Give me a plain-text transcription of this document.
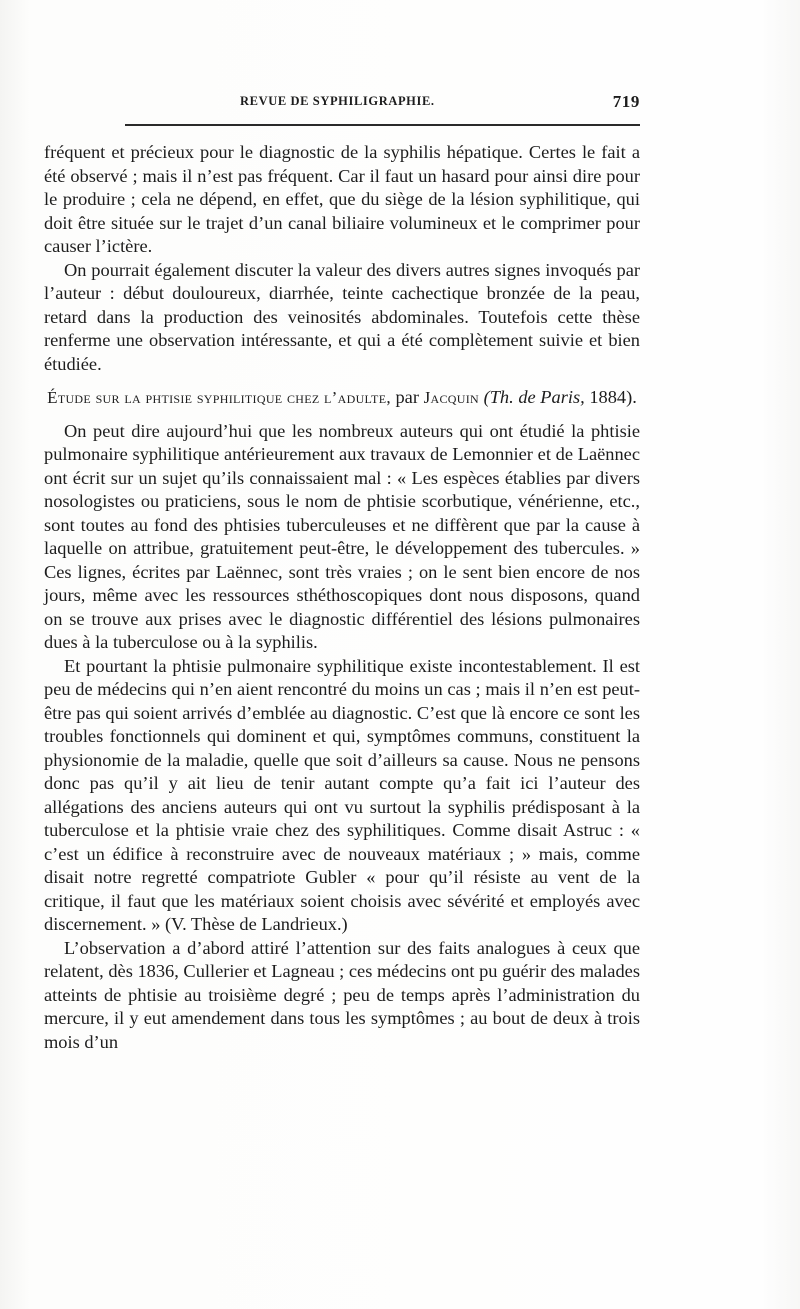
REVUE DE SYPHILIGRAPHIE.	719

fréquent et précieux pour le diagnostic de la syphilis hépatique. Certes le fait a été observé ; mais il n’est pas fréquent. Car il faut un hasard pour ainsi dire pour le produire ; cela ne dépend, en effet, que du siège de la lésion syphilitique, qui doit être située sur le trajet d’un canal biliaire volumineux et le comprimer pour causer l’ictère.

On pourrait également discuter la valeur des divers autres signes invoqués par l’auteur : début douloureux, diarrhée, teinte cachectique bronzée de la peau, retard dans la production des veinosités abdominales. Toutefois cette thèse renferme une observation intéressante, et qui a été complètement suivie et bien étudiée.

Étude sur la phtisie syphilitique chez l’adulte, par Jacquin (Th. de Paris, 1884).

On peut dire aujourd’hui que les nombreux auteurs qui ont étudié la phtisie pulmonaire syphilitique antérieurement aux travaux de Lemonnier et de Laënnec ont écrit sur un sujet qu’ils connaissaient mal : « Les espèces établies par divers nosologistes ou praticiens, sous le nom de phtisie scorbutique, vénérienne, etc., sont toutes au fond des phtisies tuberculeuses et ne diffèrent que par la cause à laquelle on attribue, gratuitement peut-être, le développement des tubercules. » Ces lignes, écrites par Laënnec, sont très vraies ; on le sent bien encore de nos jours, même avec les ressources sthéthoscopiques dont nous disposons, quand on se trouve aux prises avec le diagnostic différentiel des lésions pulmonaires dues à la tuberculose ou à la syphilis.

Et pourtant la phtisie pulmonaire syphilitique existe incontestablement. Il est peu de médecins qui n’en aient rencontré du moins un cas ; mais il n’en est peut-être pas qui soient arrivés d’emblée au diagnostic. C’est que là encore ce sont les troubles fonctionnels qui dominent et qui, symptômes communs, constituent la physionomie de la maladie, quelle que soit d’ailleurs sa cause. Nous ne pensons donc pas qu’il y ait lieu de tenir autant compte qu’a fait ici l’auteur des allégations des anciens auteurs qui ont vu surtout la syphilis prédisposant à la tuberculose et la phtisie vraie chez des syphilitiques. Comme disait Astruc : « c’est un édifice à reconstruire avec de nouveaux matériaux ; » mais, comme disait notre regretté compatriote Gubler « pour qu’il résiste au vent de la critique, il faut que les matériaux soient choisis avec sévérité et employés avec discernement. » (V. Thèse de Landrieux.)

L’observation a d’abord attiré l’attention sur des faits analogues à ceux que relatent, dès 1836, Cullerier et Lagneau ; ces médecins ont pu guérir des malades atteints de phtisie au troisième degré ; peu de temps après l’administration du mercure, il y eut amendement dans tous les symptômes ; au bout de deux à trois mois d’un
